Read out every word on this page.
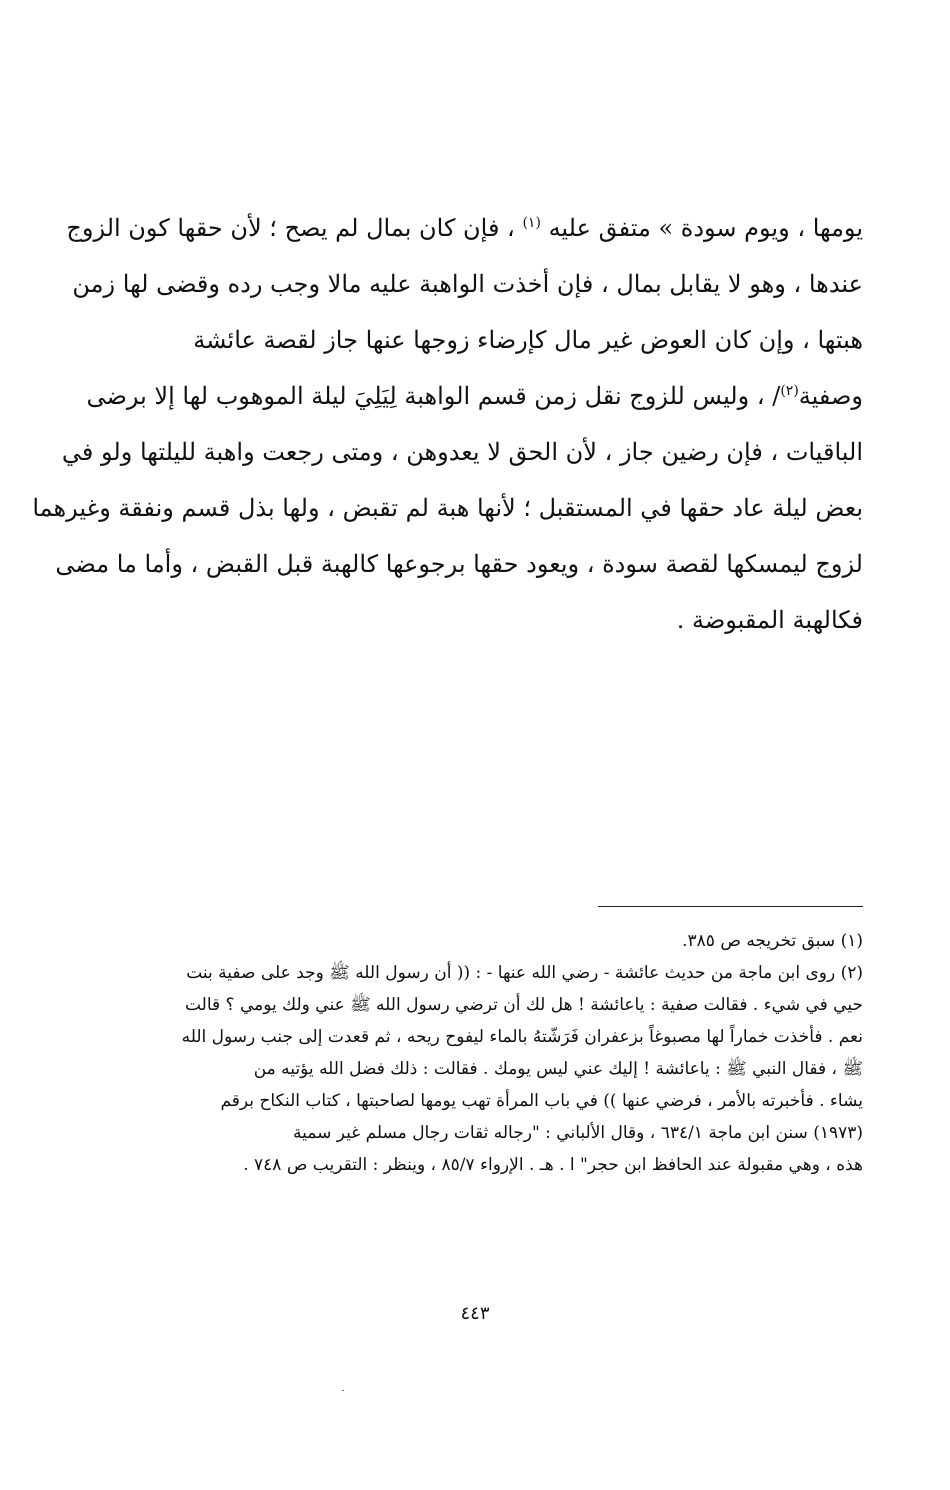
يومها ، ويوم سودة » متفق عليه $^{(١)}$ ، فإن كان بمال لم يصح ؛ لأن حقها كون الزوج
عندها ، وهو لا يقابل بمال ، فإن أخذت الواهبة عليه مالا وجب رده وقضى لها زمن
هبتها ، وإن كان العوض غير مال كإرضاء زوجها عنها جاز لقصة عائشة
وصفية$^{(٢)}$/ ، وليس للزوج نقل زمن قسم الواهبة لِيَلِيَ ليلة الموهوب لها إلا برضى
الباقيات ، فإن رضين جاز ، لأن الحق لا يعدوهن ، ومتى رجعت واهبة لليلتها ولو في
بعض ليلة عاد حقها في المستقبل ؛ لأنها هبة لم تقبض ، ولها بذل قسم ونفقة وغيرهما
لزوج ليمسكها لقصة سودة ، ويعود حقها برجوعها كالهبة قبل القبض ، وأما ما مضى
فكالهبة المقبوضة .
(١) سبق تخريجه ص ٣٨٥.
(٢) روى ابن ماجة من حديث عائشة - رضي الله عنها - : (( أن رسول الله ﷺ وجد على صفية بنت
حيي في شيء . فقالت صفية : ياعائشة ! هل لك أن ترضي رسول الله ﷺ عني ولك يومي ؟ قالت
نعم . فأخذت خماراً لها مصبوغاً بزعفران فَرَشّتهُ بالماء ليفوح ريحه ، ثم قعدت إلى جنب رسول الله
ﷺ ، فقال النبي ﷺ : ياعائشة ! إليك عني ليس يومك . فقالت : ذلك فضل الله يؤتيه من
يشاء . فأخبرته بالأمر ، فرضي عنها )) في باب المرأة تهب يومها لصاحبتها ، كتاب النكاح برقم
(١٩٧٣) سنن ابن ماجة ٦٣٤/١ ، وقال الألباني : "رجاله ثقات رجال مسلم غير سمية
هذه ، وهي مقبولة عند الحافظ ابن حجر" ا . هـ . الإرواء ٨٥/٧ ، وينظر : التقريب ص ٧٤٨ .
٤٤٣
